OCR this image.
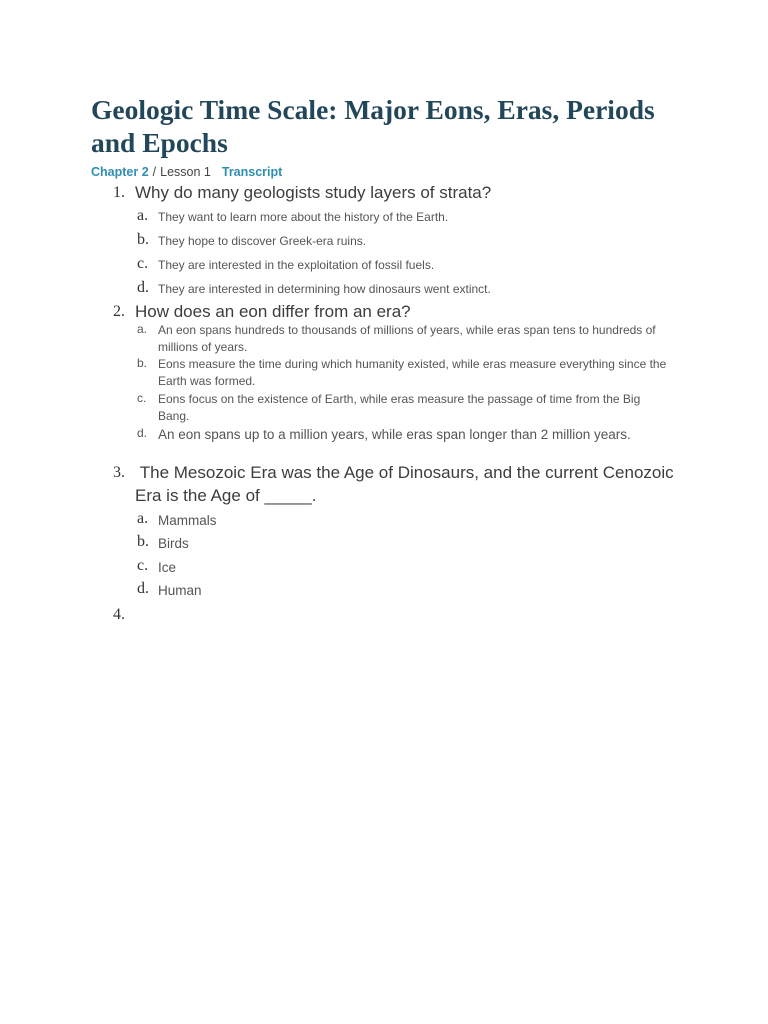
Geologic Time Scale: Major Eons, Eras, Periods and Epochs
Chapter 2 / Lesson 1 Transcript
1. Why do many geologists study layers of strata?
a. They want to learn more about the history of the Earth.
b. They hope to discover Greek-era ruins.
c. They are interested in the exploitation of fossil fuels.
d. They are interested in determining how dinosaurs went extinct.
2. How does an eon differ from an era?
a. An eon spans hundreds to thousands of millions of years, while eras span tens to hundreds of millions of years.
b. Eons measure the time during which humanity existed, while eras measure everything since the Earth was formed.
c. Eons focus on the existence of Earth, while eras measure the passage of time from the Big Bang.
d. An eon spans up to a million years, while eras span longer than 2 million years.
3. The Mesozoic Era was the Age of Dinosaurs, and the current Cenozoic Era is the Age of _____.
a. Mammals
b. Birds
c. Ice
d. Human
4.
